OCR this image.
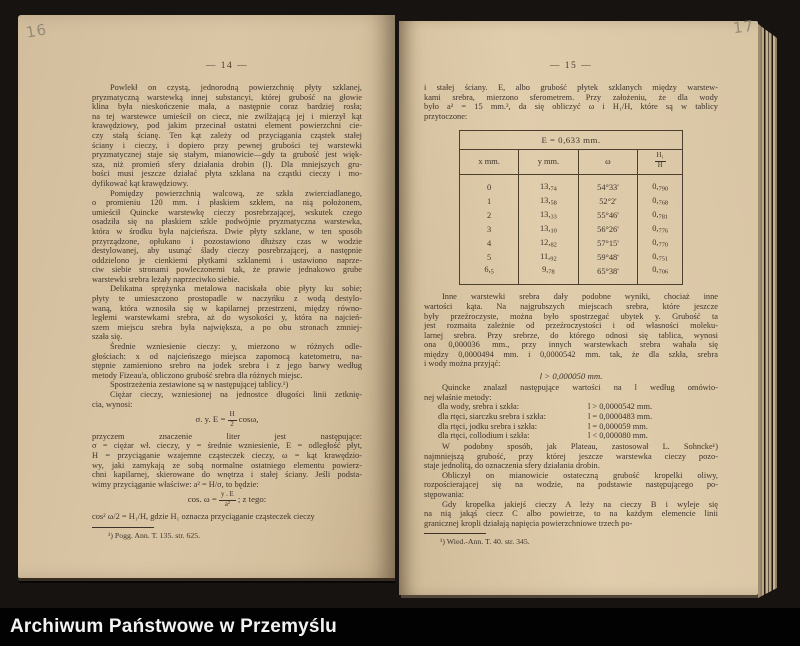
— 14 —
Powlekł on czystą, jednorodną powierzchnię płyty szklanej,
pryzmatyczną warstewką innej substancyi, której grubość na głowie
klina była nieskończenie mała, a następnie coraz bardziej rosła;
na tej warstewce umieścił on ciecz, nie zwilżającą jej i mierzył kąt
krawędziowy, pod jakim przecinał ostatni element powierzchni cie-
czy stałą ścianę. Ten kąt zależy od przyciągania cząstek stałej
ściany i cieczy, i dopiero przy pewnej grubości tej warstewki
pryzmatycznej staje się stałym, mianowicie—gdy ta grubość jest więk-
sza, niż promień sfery działania drobin (l). Dla mniejszych gru-
bości musi jeszcze działać płyta szklana na cząstki cieczy i mo-
dyfikować kąt krawędziowy.
Pomiędzy powierzchnią walcową, ze szkła zwierciadlanego,
o promieniu 120 mm. i płaskiem szkłem, na nią położonem,
umieścił Quincke warstewkę cieczy posrebrzającej, wskutek czego
osadziła się na płaskiem szkle podwójnie pryzmatyczna warstewka,
która w środku była najcieńsza. Dwie płyty szklane, w ten sposób
przyrządzone, opłukano i pozostawiono dłuższy czas w wodzie
destylowanej, aby usunąć ślady cieczy posrebrzającej, a następnie
oddzielono je cienkiemi płytkami szklanemi i ustawiono naprze-
ciw siebie stronami powleczonemi tak, że prawie jednakowo grube
warstewki srebra leżały naprzeciwko siebie.
Delikatna sprężynka metalowa naciskała obie płyty ku sobie;
płyty te umieszczono prostopadle w naczyńku z wodą destylo-
waną, która wznosiła się w kapilarnej przestrzeni, między równo-
ległemi warstewkami srebra, aż do wysokości y, która na najcień-
szem miejscu srebra była największa, a po obu stronach zmniej-
szała się.
Średnie wzniesienie cieczy: y, mierzono w różnych odle-
głościach: x od najcieńszego miejsca zapomocą katetometru, na-
stępnie zamieniono srebro na jodek srebra i z jego barwy według
metody Fizeau'a, obliczono grubość srebra dla różnych miejsc.
Spostrzeżenia zestawione są w następującej tablicy.¹)
Ciężar cieczy, wzniesionej na jednostce długości linii zetknię-
cia, wynosi:
σ. y. $E = \frac{H}{2} \cos\omega$,
przyczem znaczenie liter jest następujące:
σ = ciężar wł. cieczy, y = średnie wzniesienie, E = odległość płyt,
H = przyciąganie wzajemne cząsteczek cieczy, ω = kąt krawędzio-
wy, jaki zamykają ze sobą normalne ostatniego elementu powierz-
chni kapilarnej, skierowane do wnętrza i stałej ściany. Jeśli podsta-
wimy przyciąganie właściwe: a² = H/σ, to będzie:
cos. $\omega = \frac{y . E}{\text{a²}}$ ; z tego:
cos² ω/2 = H₁/H, gdzie H₁ oznacza przyciąganie cząsteczek cieczy
¹) Pogg. Ann. T. 135. str. 625.
— 15 —
i stałej ściany. E, albo grubość płytek szklanych między warstew-
kami srebra, mierzono sferometrem. Przy założeniu, że dla wody
było a² = 15 mm.², da się obliczyć ω i H₁/H, które są w tablicy
przytoczone:
E = 0,633 mm.			
x mm.	y mm.	ω	$\frac{\text{H₁}}{H}$

0	13,74	54°33'	0,790
1	13,58	52°2'	0,768
2	13,33	55°46'	0,781
3	13,10	56°26'	0,776
4	12,82	57°15'	0,770
5	11,92	59°48'	0,751
6,5	9,78	65°38'	0,706
Inne warstewki srebra dały podobne wyniki, chociaż inne
wartości kąta. Na najgrubszych miejscach srebra, które jeszcze
były przeźroczyste, można było spostrzegać ubytek y. Grubość ta
jest rozmaita zależnie od przeźroczystości i od własności moleku-
larnej srebra. Przy srebrze, do którego odnosi się tablica, wynosi
ona 0,000036 mm., przy innych warstewkach srebra wahała się
między 0,0000494 mm. i 0,0000542 mm. tak, że dla szkła, srebra
i wody można przyjąć:
l > 0,000050 mm.
Quincke znalazł następujące wartości na l według omówio-
nej właśnie metody:
dla wody, srebra i szkła:	l > 0,0000542 mm.
dla rtęci, siarczku srebra i szkła:	l = 0,0000483 mm.
dla rtęci, jodku srebra i szkła:	l = 0,000059 mm.
dla rtęci, collodium i szkła:	l < 0,000080 mm.
W podobny sposób, jak Plateau, zastosował L. Sohncke¹)
najmniejszą grubość, przy której jeszcze warstewka cieczy pozo-
staje jednolitą, do oznaczenia sfery działania drobin.
Obliczył on mianowicie ostateczną grubość kropelki oliwy,
rozpościerającej się na wodzie, na podstawie następującego po-
stępowania:
Gdy kropelka jakiejś cieczy A leży na cieczy B i wyleje się
na nią jakąś ciecz C albo powietrze, to na każdym elemencie linii
granicznej kropli działają napięcia powierzchniowe trzech po-
¹) Wied.-Ann. T. 40. str. 345.
16	17
Archiwum Państwowe w Przemyślu
